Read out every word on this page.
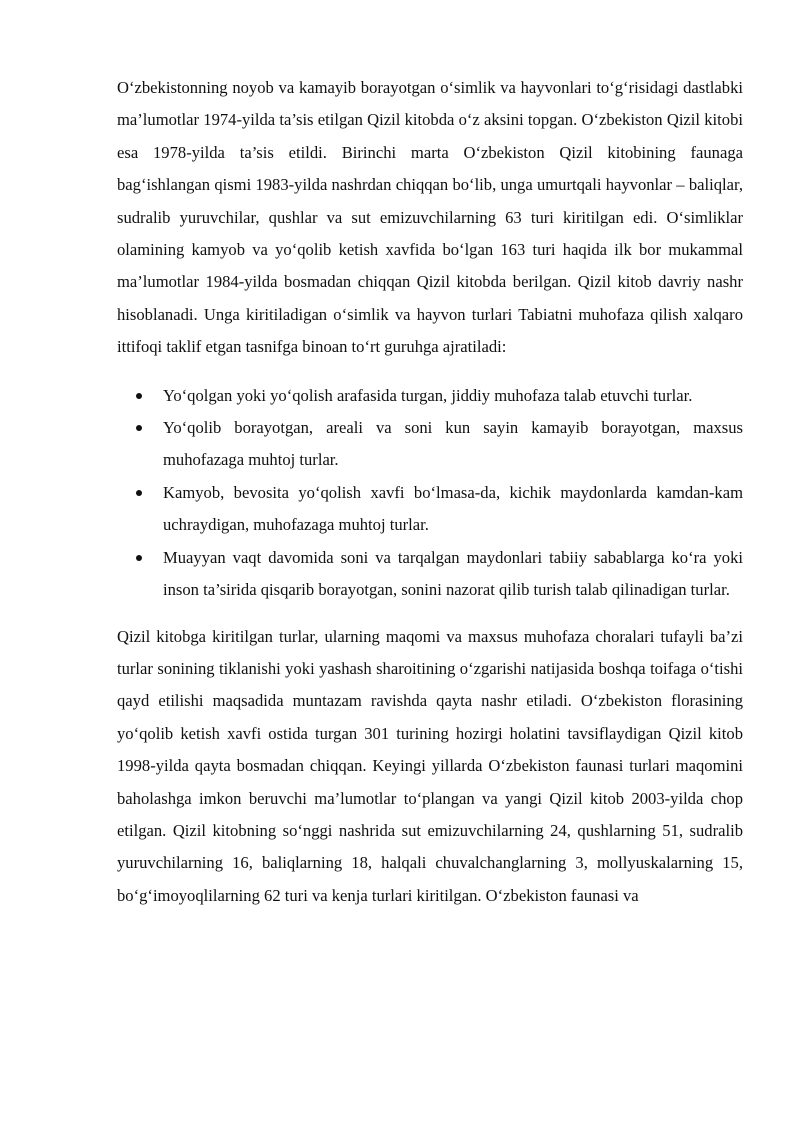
O‘zbekistonning noyob va kamayib borayotgan o‘simlik va hayvonlari to‘g‘risidagi dastlabki ma’lumotlar 1974-yilda ta’sis etilgan Qizil kitobda o‘z aksini topgan. O‘zbekiston Qizil kitobi esa 1978-yilda ta’sis etildi. Birinchi marta O‘zbekiston Qizil kitobining faunaga bag‘ishlangan qismi 1983-yilda nashrdan chiqqan bo‘lib, unga umurtqali hayvonlar – baliqlar, sudralib yuruvchilar, qushlar va sut emizuvchilarning 63 turi kiritilgan edi. O‘simliklar olamining kamyob va yo‘qolib ketish xavfida bo‘lgan 163 turi haqida ilk bor mukammal ma’lumotlar 1984-yilda bosmadan chiqqan Qizil kitobda berilgan. Qizil kitob davriy nashr hisoblanadi. Unga kiritiladigan o‘simlik va hayvon turlari Tabiatni muhofaza qilish xalqaro ittifoqi taklif etgan tasnifga binoan to‘rt guruhga ajratiladi:

Yo‘qolgan yoki yo‘qolish arafasida turgan, jiddiy muhofaza talab etuvchi turlar.
Yo‘qolib borayotgan, areali va soni kun sayin kamayib borayotgan, maxsus muhofazaga muhtoj turlar.
Kamyob, bevosita yo‘qolish xavfi bo‘lmasa-da, kichik maydonlarda kamdan-kam uchraydigan, muhofazaga muhtoj turlar.
Muayyan vaqt davomida soni va tarqalgan maydonlari tabiiy sabablarga ko‘ra yoki inson ta’sirida qisqarib borayotgan, sonini nazorat qilib turish talab qilinadigan turlar.

Qizil kitobga kiritilgan turlar, ularning maqomi va maxsus muhofaza choralari tufayli ba’zi turlar sonining tiklanishi yoki yashash sharoitining o‘zgarishi natijasida boshqa toifaga o‘tishi qayd etilishi maqsadida muntazam ravishda qayta nashr etiladi. O‘zbekiston florasining yo‘qolib ketish xavfi ostida turgan 301 turining hozirgi holatini tavsiflaydigan Qizil kitob 1998-yilda qayta bosmadan chiqqan. Keyingi yillarda O‘zbekiston faunasi turlari maqomini baholashga imkon beruvchi ma’lumotlar to‘plangan va yangi Qizil kitob 2003-yilda chop etilgan. Qizil kitobning so‘nggi nashrida sut emizuvchilarning 24, qushlarning 51, sudralib yuruvchilarning 16, baliqlarning 18, halqali chuvalchanglarning 3, mollyuskalarning 15, bo‘g‘imoyoqlilarning 62 turi va kenja turlari kiritilgan. O‘zbekiston faunasi va
